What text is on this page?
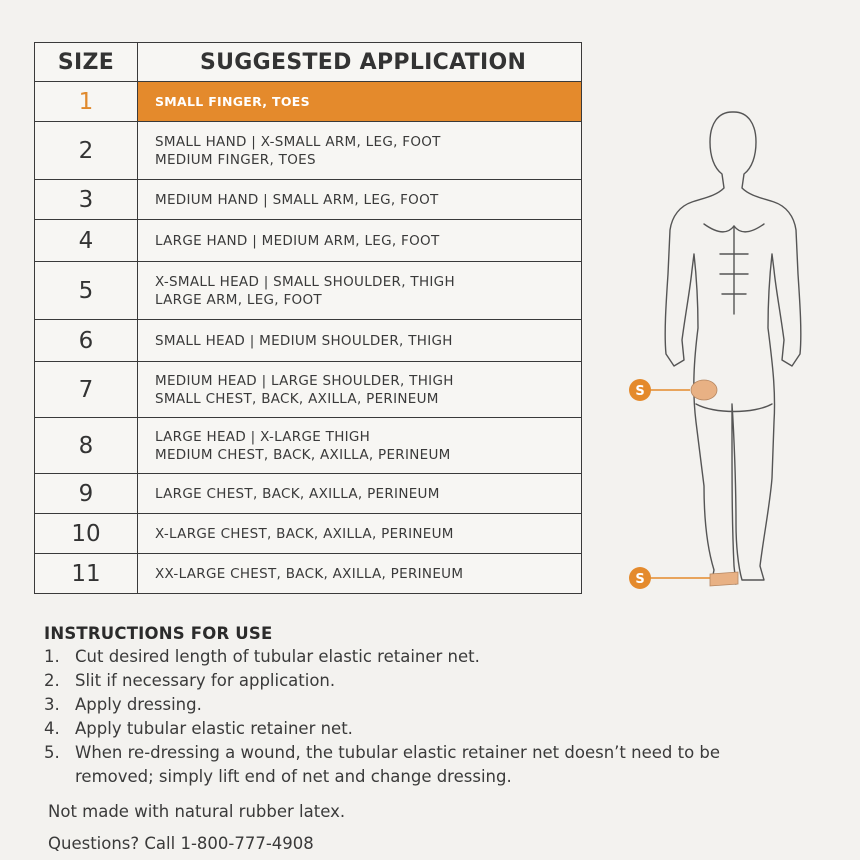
SIZE	SUGGESTED APPLICATION
1	SMALL FINGER, TOES

2	SMALL HAND | X-SMALL ARM, LEG, FOOT
MEDIUM FINGER, TOES

3	MEDIUM HAND | SMALL ARM, LEG, FOOT

4	LARGE HAND | MEDIUM ARM, LEG, FOOT

5	X-SMALL HEAD | SMALL SHOULDER, THIGH
LARGE ARM, LEG, FOOT

6	SMALL HEAD | MEDIUM SHOULDER, THIGH

7	MEDIUM HEAD | LARGE SHOULDER, THIGH
SMALL CHEST, BACK, AXILLA, PERINEUM

8	LARGE HEAD | X-LARGE THIGH
MEDIUM CHEST, BACK, AXILLA, PERINEUM

9	LARGE CHEST, BACK, AXILLA, PERINEUM

10	X-LARGE CHEST, BACK, AXILLA, PERINEUM

11	XX-LARGE CHEST, BACK, AXILLA, PERINEUM
S
S
INSTRUCTIONS FOR USE
1. Cut desired length of tubular elastic retainer net.
2. Slit if necessary for application.
3. Apply dressing.
4. Apply tubular elastic retainer net.
5. When re-dressing a wound, the tubular elastic retainer net doesn’t need to be removed; simply lift end of net and change dressing.
Not made with natural rubber latex.
Questions? Call 1-800-777-4908
